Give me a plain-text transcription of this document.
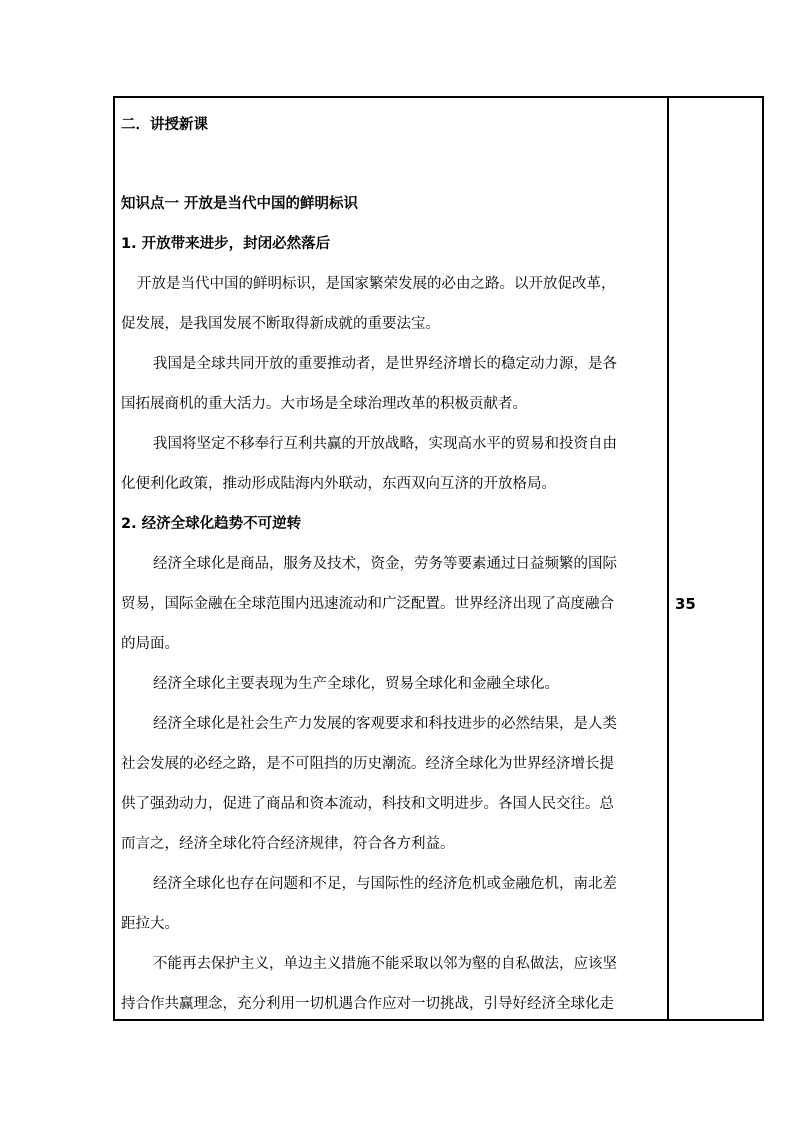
二．讲授新课
知识点一 开放是当代中国的鲜明标识
1. 开放带来进步，封闭必然落后
开放是当代中国的鲜明标识，是国家繁荣发展的必由之路。以开放促改革，
促发展，是我国发展不断取得新成就的重要法宝。
我国是全球共同开放的重要推动者，是世界经济增长的稳定动力源，是各
国拓展商机的重大活力。大市场是全球治理改革的积极贡献者。
我国将坚定不移奉行互利共赢的开放战略，实现高水平的贸易和投资自由
化便利化政策，推动形成陆海内外联动，东西双向互济的开放格局。
2. 经济全球化趋势不可逆转
经济全球化是商品，服务及技术，资金，劳务等要素通过日益频繁的国际
贸易，国际金融在全球范围内迅速流动和广泛配置。世界经济出现了高度融合
的局面。
经济全球化主要表现为生产全球化，贸易全球化和金融全球化。
经济全球化是社会生产力发展的客观要求和科技进步的必然结果，是人类
社会发展的必经之路，是不可阻挡的历史潮流。经济全球化为世界经济增长提
供了强劲动力，促进了商品和资本流动，科技和文明进步。各国人民交往。总
而言之，经济全球化符合经济规律，符合各方利益。
经济全球化也存在问题和不足，与国际性的经济危机或金融危机，南北差
距拉大。
不能再去保护主义，单边主义措施不能采取以邻为壑的自私做法，应该坚
持合作共赢理念，充分利用一切机遇合作应对一切挑战，引导好经济全球化走
35
